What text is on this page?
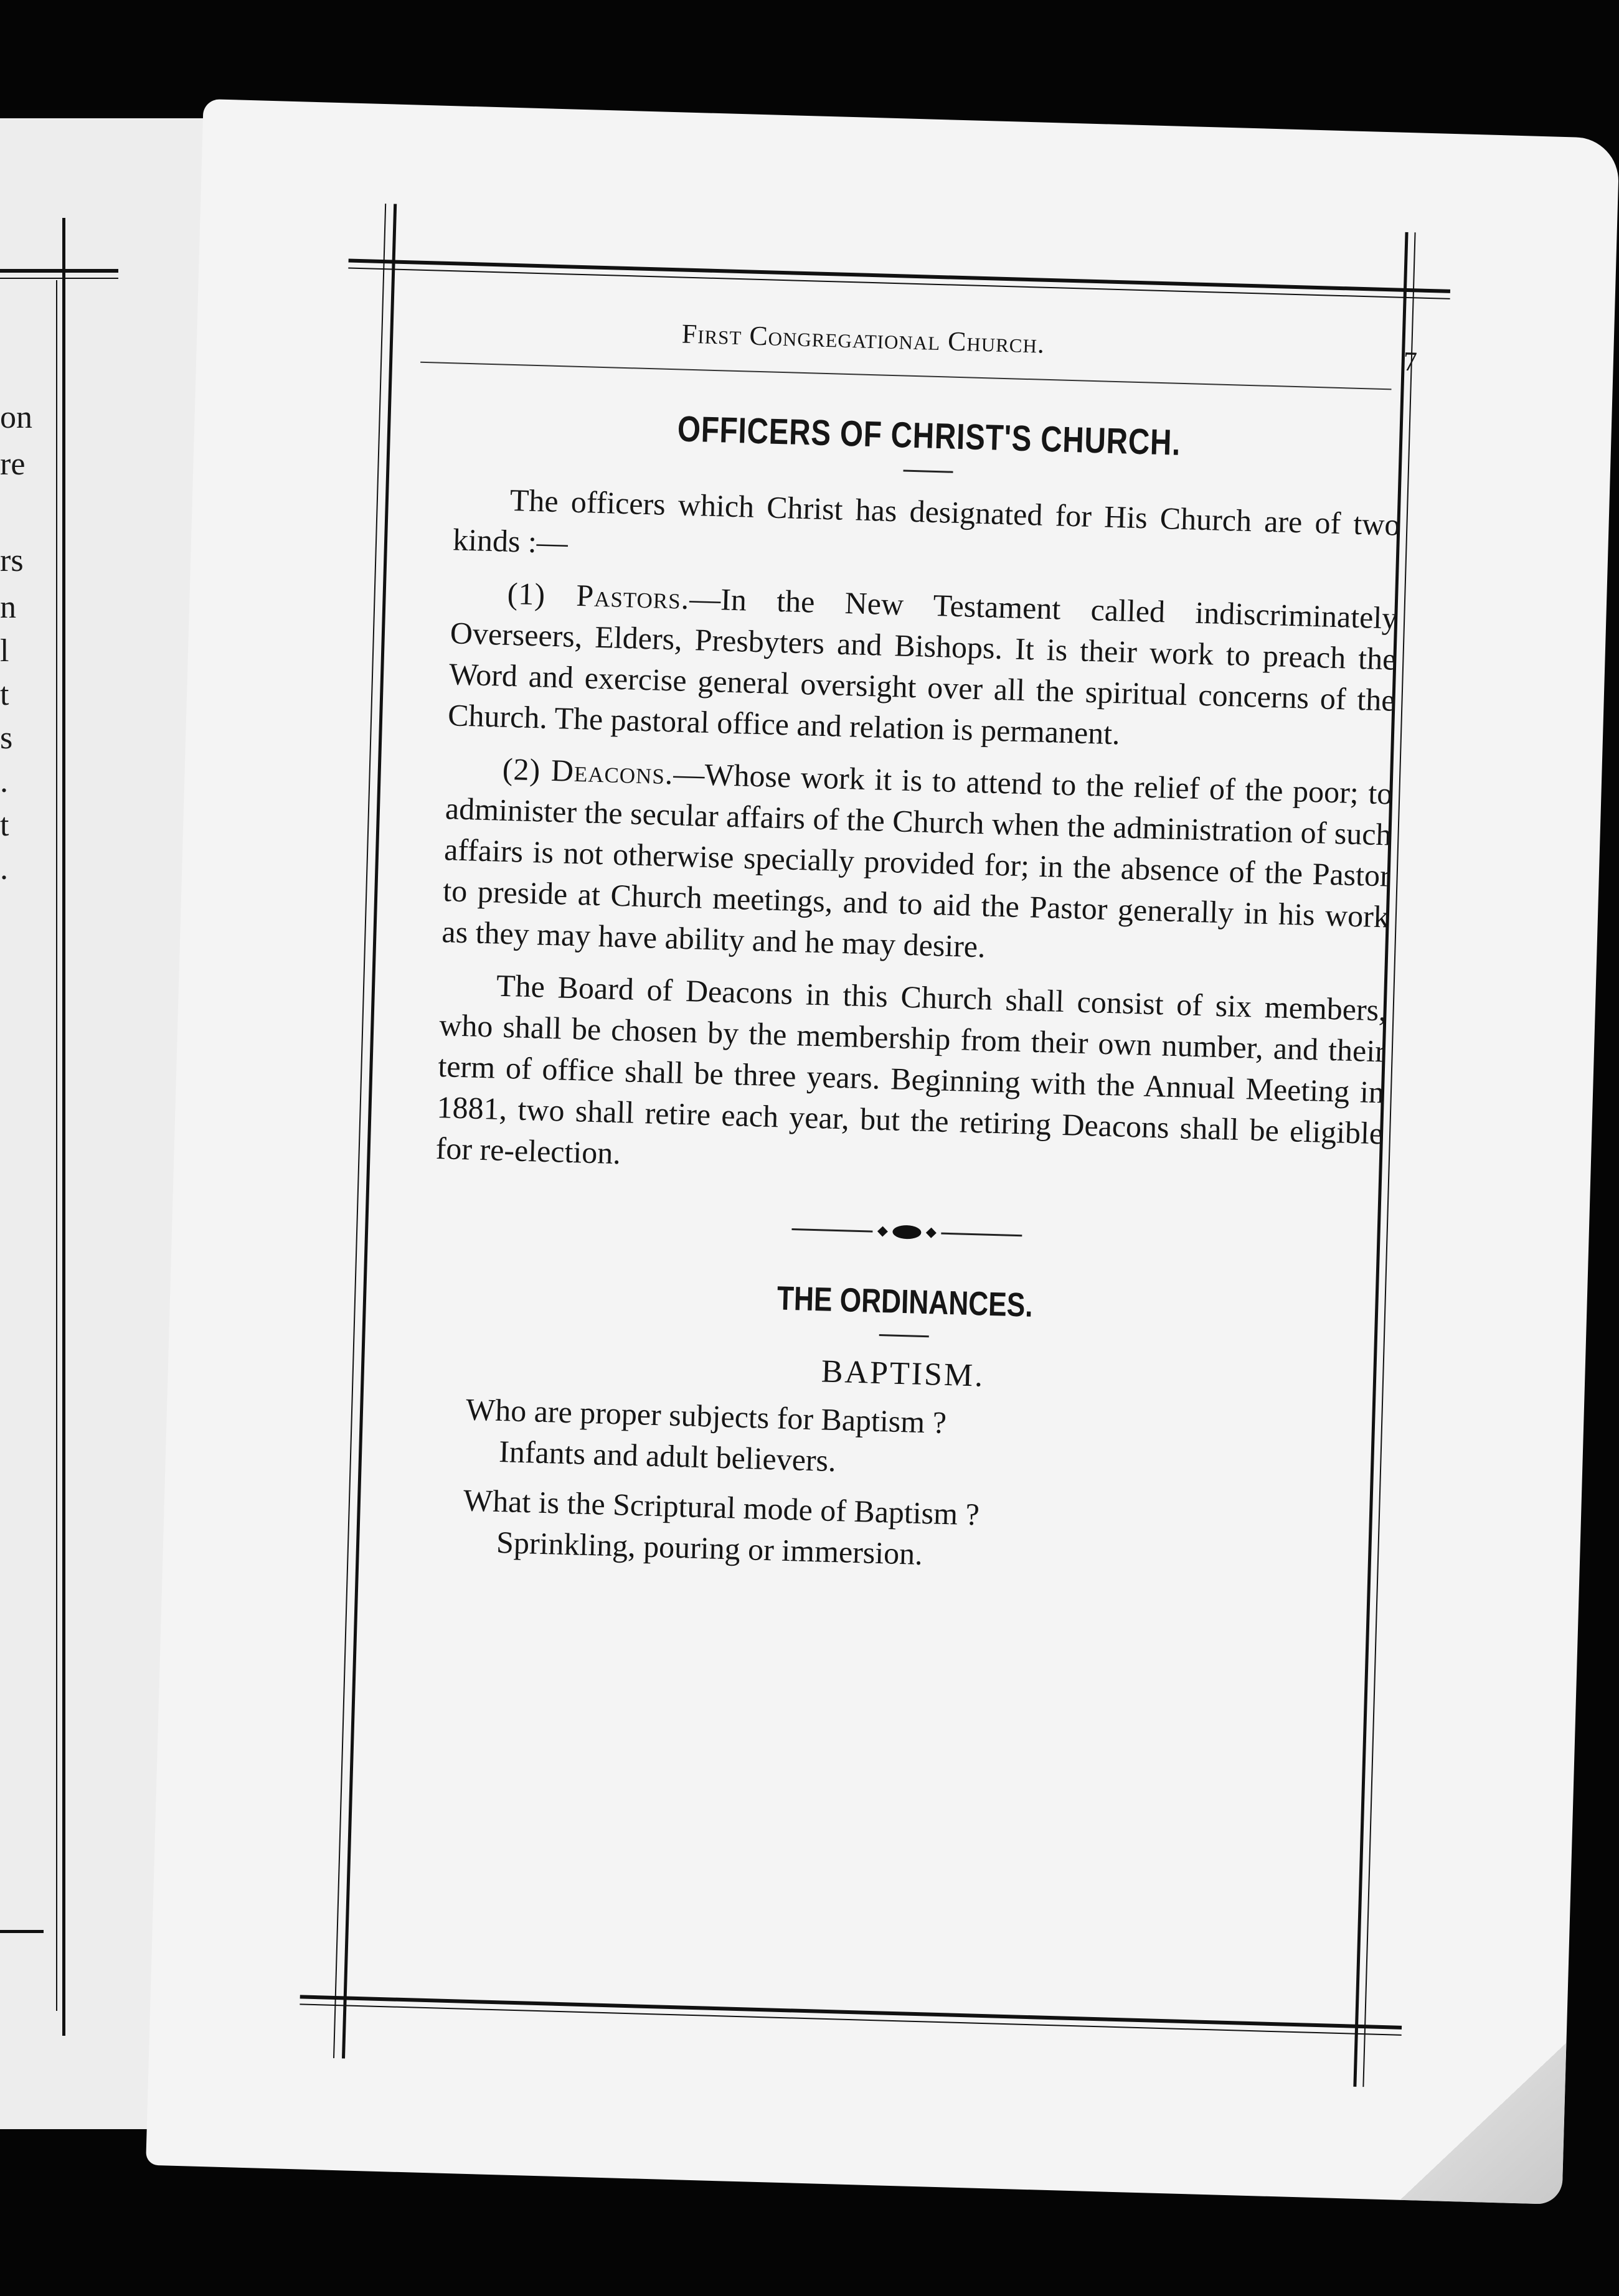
on
re
rs
n
l
t
s
.
t
.
First Congregational Church.
7
OFFICERS OF CHRIST'S CHURCH.

The officers which Christ has designated for His Church are of two kinds :—

(1) Pastors.—In the New Testament called indiscriminately Overseers, Elders, Presbyters and Bishops. It is their work to preach the Word and exercise general oversight over all the spiritual concerns of the Church. The pastoral office and relation is permanent.

(2) Deacons.—Whose work it is to attend to the relief of the poor; to administer the secular affairs of the Church when the administration of such affairs is not otherwise specially provided for; in the absence of the Pastor to preside at Church meetings, and to aid the Pastor generally in his work as they may have ability and he may desire.

The Board of Deacons in this Church shall consist of six members, who shall be chosen by the membership from their own number, and their term of office shall be three years. Beginning with the Annual Meeting in 1881, two shall retire each year, but the retiring Deacons shall be eligible for re-election.

THE ORDINANCES.
BAPTISM.
Who are proper subjects for Baptism ?
Infants and adult believers.
What is the Scriptural mode of Baptism ?
Sprinkling, pouring or immersion.
